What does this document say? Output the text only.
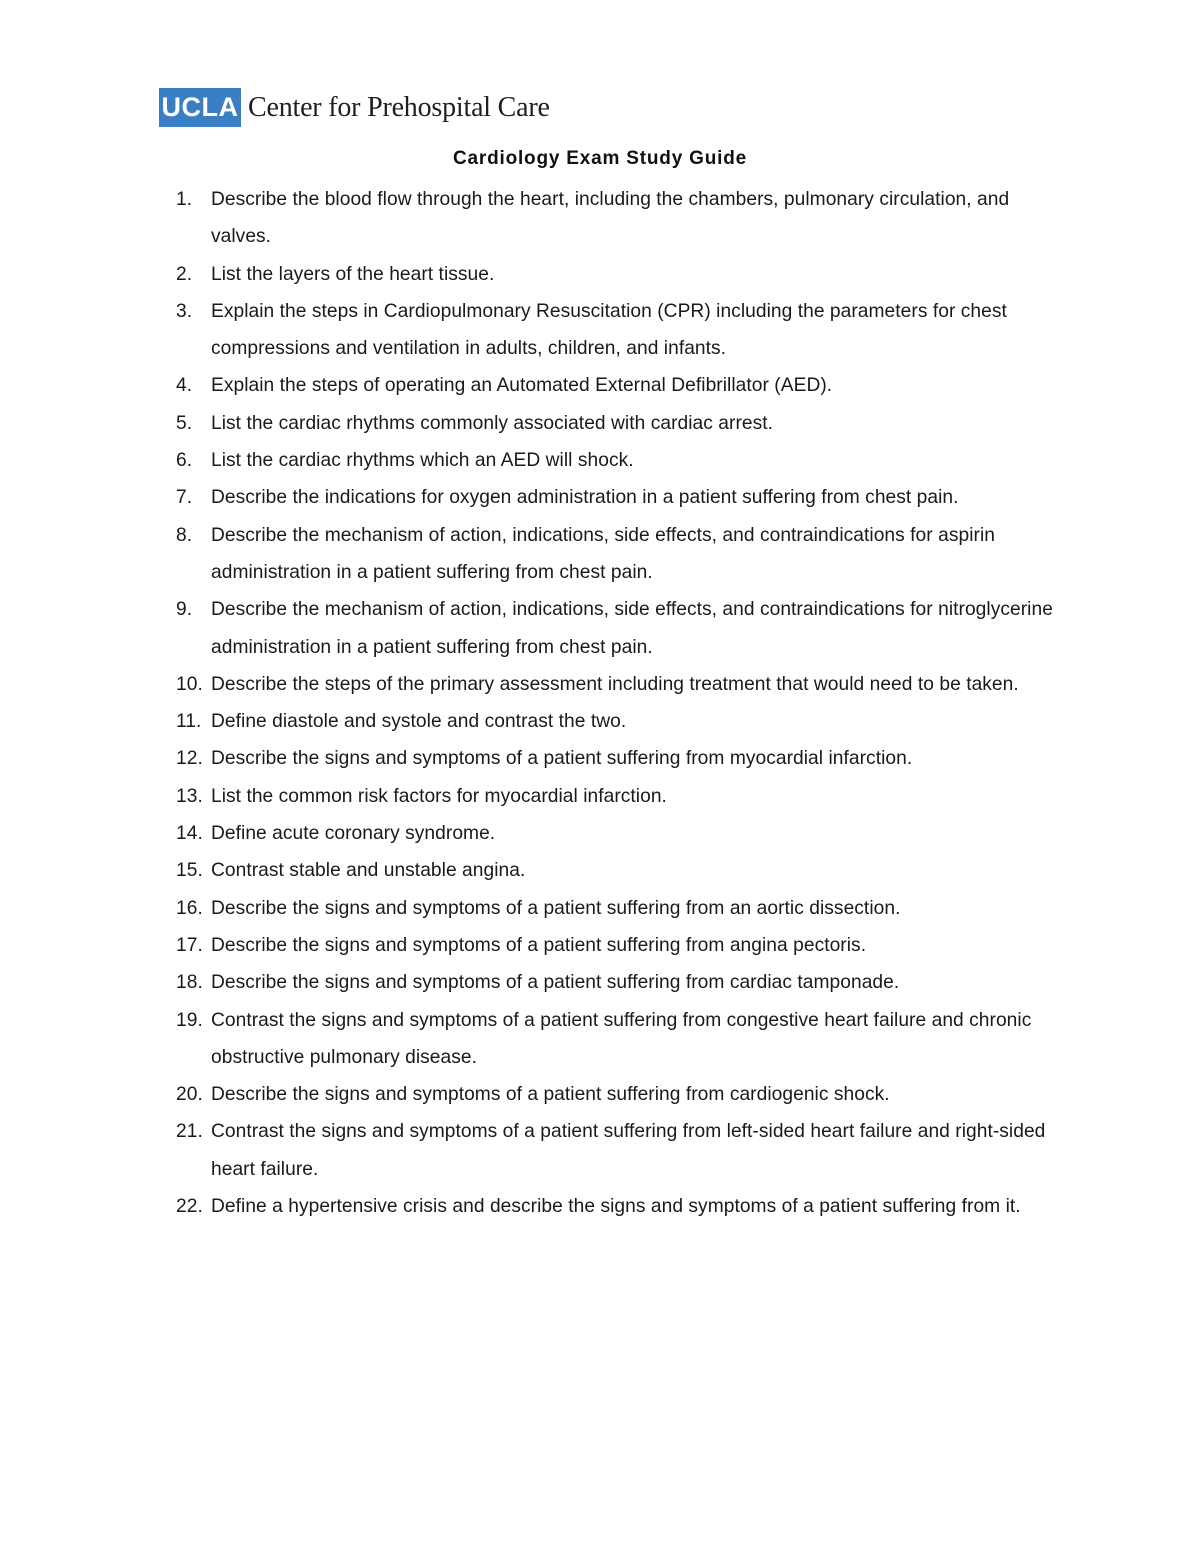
UCLA Center for Prehospital Care
Cardiology Exam Study Guide
1. Describe the blood flow through the heart, including the chambers, pulmonary circulation, and valves.
2. List the layers of the heart tissue.
3. Explain the steps in Cardiopulmonary Resuscitation (CPR) including the parameters for chest compressions and ventilation in adults, children, and infants.
4. Explain the steps of operating an Automated External Defibrillator (AED).
5. List the cardiac rhythms commonly associated with cardiac arrest.
6. List the cardiac rhythms which an AED will shock.
7. Describe the indications for oxygen administration in a patient suffering from chest pain.
8. Describe the mechanism of action, indications, side effects, and contraindications for aspirin administration in a patient suffering from chest pain.
9. Describe the mechanism of action, indications, side effects, and contraindications for nitroglycerine administration in a patient suffering from chest pain.
10. Describe the steps of the primary assessment including treatment that would need to be taken.
11. Define diastole and systole and contrast the two.
12. Describe the signs and symptoms of a patient suffering from myocardial infarction.
13. List the common risk factors for myocardial infarction.
14. Define acute coronary syndrome.
15. Contrast stable and unstable angina.
16. Describe the signs and symptoms of a patient suffering from an aortic dissection.
17. Describe the signs and symptoms of a patient suffering from angina pectoris.
18. Describe the signs and symptoms of a patient suffering from cardiac tamponade.
19. Contrast the signs and symptoms of a patient suffering from congestive heart failure and chronic obstructive pulmonary disease.
20. Describe the signs and symptoms of a patient suffering from cardiogenic shock.
21. Contrast the signs and symptoms of a patient suffering from left-sided heart failure and right-sided heart failure.
22. Define a hypertensive crisis and describe the signs and symptoms of a patient suffering from it.
